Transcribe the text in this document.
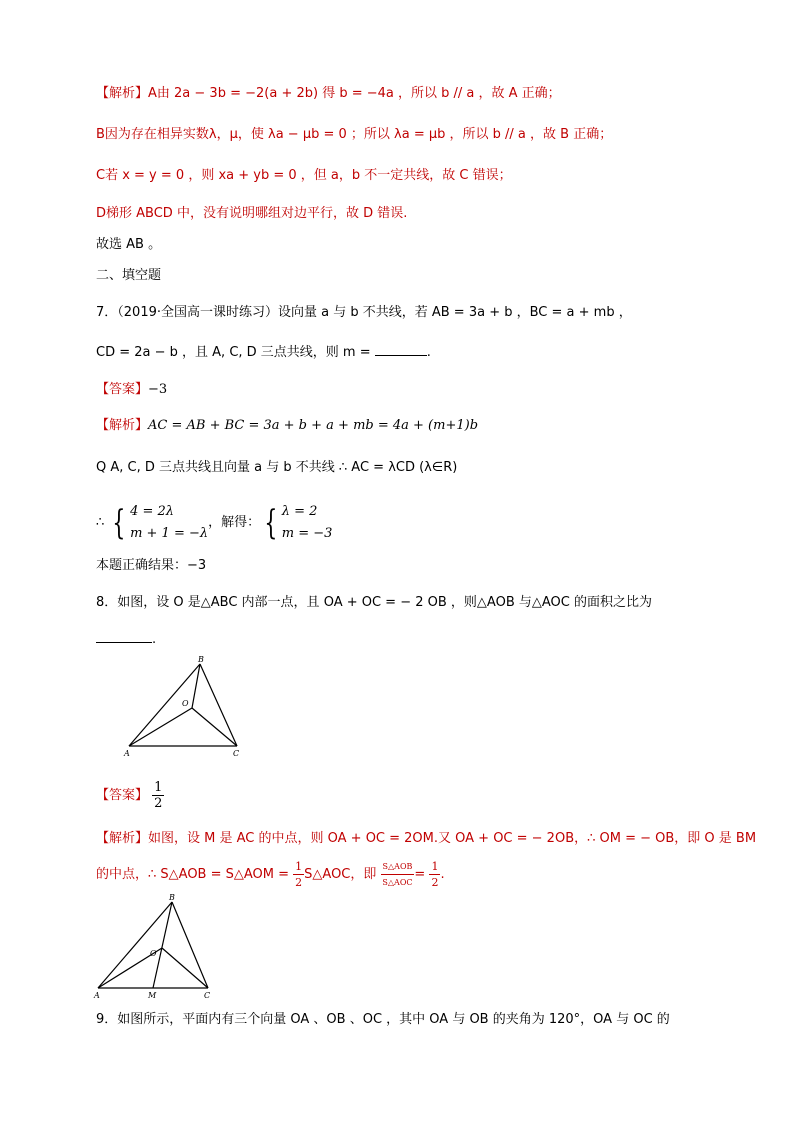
【解析】A由 2a − 3b = −2(a + 2b) 得 b = −4a ，所以 b // a ，故 A 正确；
B因为存在相异实数λ，μ，使 λa − μb = 0 ；所以 λa = μb ，所以 b // a ，故 B 正确；
C若 x = y = 0 ，则 xa + yb = 0 ，但 a，b 不一定共线，故 C 错误；
D梯形 ABCD 中，没有说明哪组对边平行，故 D 错误.
故选 AB 。
二、填空题
7．（2019·全国高一课时练习）设向量 a 与 b 不共线，若 AB = 3a + b ，BC = a + mb ，
CD = 2a − b ，且 A, C, D 三点共线，则 m =	.
【答案】−3
【解析】AC = AB + BC = 3a + b + a + mb = 4a + (m+1)b
Q A, C, D 三点共线且向量 a 与 b 不共线 ∴ AC = λCD (λ∈R)
∴ { 4 = 2λ
m + 1 = −λ
，解得： { λ = 2
m = −3
本题正确结果：−3
8．如图，设 O 是△ABC 内部一点，且 OA + OC = − 2 OB ，则△AOB 与△AOC 的面积之比为
.
A
B
C
O
【答案】 $\frac{1}{2}$
【解析】如图，设 M 是 AC 的中点，则 OA + OC = 2OM.又 OA + OC = − 2OB，∴ OM = − OB，即 O 是 BM
的中点，∴ S△AOB = S△AOM = $\frac{1}{2}$ S△AOC，即 $\frac{\text{S△AOB}}{\text{S△AOC}} = \frac{1}{2}$ .
A
B
C
O
M
9．如图所示，平面内有三个向量 OA 、OB 、OC ，其中 OA 与 OB 的夹角为 120°，OA 与 OC 的
